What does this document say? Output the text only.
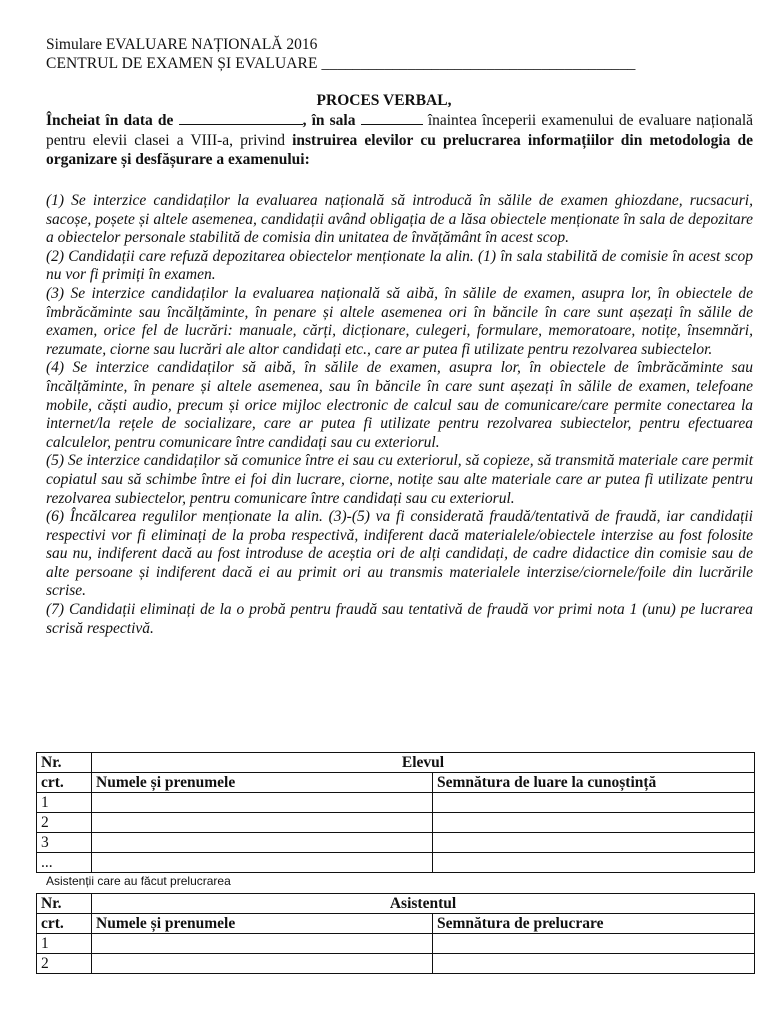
Simulare EVALUARE NAȚIONALĂ 2016
CENTRUL DE EXAMEN ȘI EVALUARE ________________________________________
PROCES VERBAL,
Încheiat în data de	, în sala	înaintea începerii examenului de evaluare națională pentru elevii clasei a VIII-a, privind instruirea elevilor cu prelucrarea informațiilor din metodologia de organizare și desfășurare a examenului:

(1) Se interzice candidaților la evaluarea națională să introducă în sălile de examen ghiozdane, rucsacuri, sacoșe, poșete și altele asemenea, candidații având obligația de a lăsa obiectele menționate în sala de depozitare a obiectelor personale stabilită de comisia din unitatea de învățământ în acest scop.

(2) Candidații care refuză depozitarea obiectelor menționate la alin. (1) în sala stabilită de comisie în acest scop nu vor fi primiți în examen.

(3) Se interzice candidaților la evaluarea națională să aibă, în sălile de examen, asupra lor, în obiectele de îmbrăcăminte sau încălțăminte, în penare și altele asemenea ori în băncile în care sunt așezați în sălile de examen, orice fel de lucrări: manuale, cărți, dicționare, culegeri, formulare, memoratoare, notițe, însemnări, rezumate, ciorne sau lucrări ale altor candidați etc., care ar putea fi utilizate pentru rezolvarea subiectelor.

(4) Se interzice candidaților să aibă, în sălile de examen, asupra lor, în obiectele de îmbrăcăminte sau încălțăminte, în penare și altele asemenea, sau în băncile în care sunt așezați în sălile de examen, telefoane mobile, căști audio, precum și orice mijloc electronic de calcul sau de comunicare/care permite conectarea la internet/la rețele de socializare, care ar putea fi utilizate pentru rezolvarea subiectelor, pentru efectuarea calculelor, pentru comunicare între candidați sau cu exteriorul.

(5) Se interzice candidaților să comunice între ei sau cu exteriorul, să copieze, să transmită materiale care permit copiatul sau să schimbe între ei foi din lucrare, ciorne, notițe sau alte materiale care ar putea fi utilizate pentru rezolvarea subiectelor, pentru comunicare între candidați sau cu exteriorul.

(6) Încălcarea regulilor menționate la alin. (3)-(5) va fi considerată fraudă/tentativă de fraudă, iar candidații respectivi vor fi eliminați de la proba respectivă, indiferent dacă materialele/obiectele interzise au fost folosite sau nu, indiferent dacă au fost introduse de aceștia ori de alți candidați, de cadre didactice din comisie sau de alte persoane și indiferent dacă ei au primit ori au transmis materialele interzise/ciornele/foile din lucrările scrise.

(7) Candidații eliminați de la o probă pentru fraudă sau tentativă de fraudă vor primi nota 1 (unu) pe lucrarea scrisă respectivă.

Nr.	Elevul	
crt.	Numele și prenumele	Semnătura de luare la cunoștință
1		
2		
3		
...		
Asistenții care au făcut prelucrarea
Nr.	Asistentul	
crt.	Numele și prenumele	Semnătura de prelucrare
1		
2		
